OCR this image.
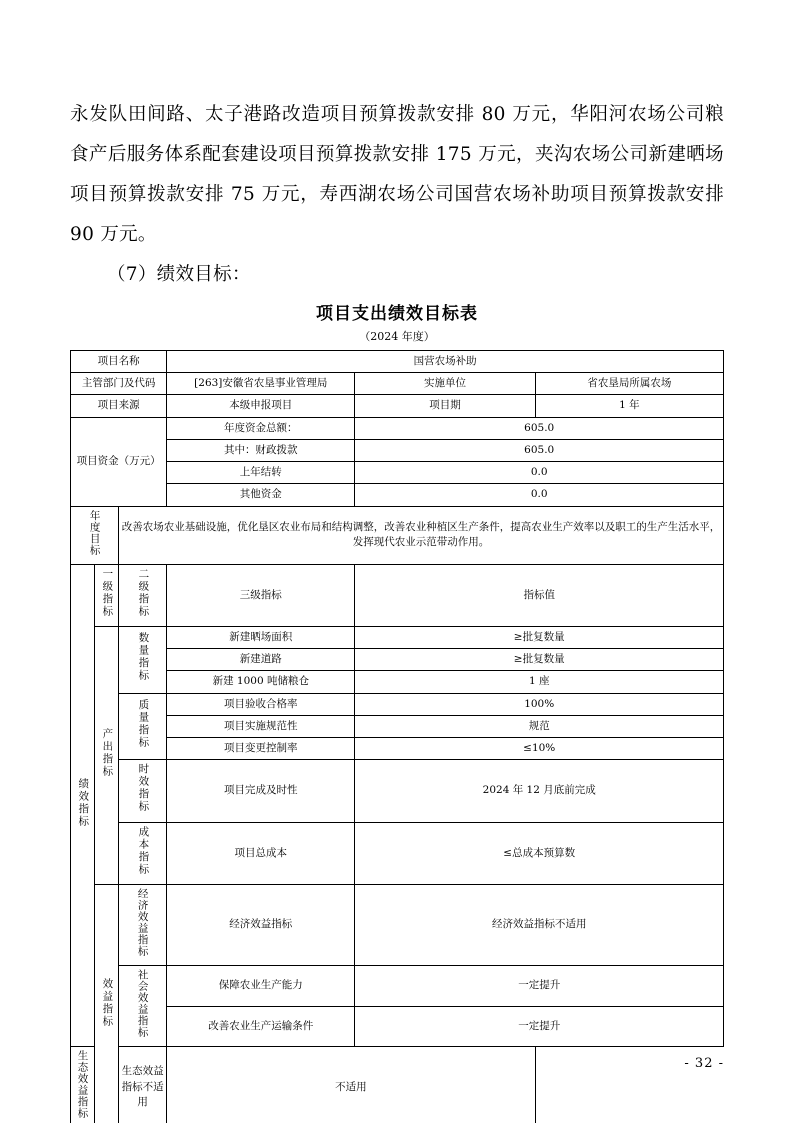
永发队田间路、太子港路改造项目预算拨款安排 80 万元，华阳河农场公司粮食产后服务体系配套建设项目预算拨款安排 175 万元，夹沟农场公司新建晒场项目预算拨款安排 75 万元，寿西湖农场公司国营农场补助项目预算拨款安排 90 万元。

（7）绩效目标：

项目支出绩效目标表
（2024 年度）
项目名称			国营农场补助		
主管部门及代码			[263]安徽省农垦事业管理局	实施单位	省农垦局所属农场
项目来源			本级申报项目	项目期	1 年
项目资金（万元）			年度资金总额：	605.0	
			其中：财政拨款	605.0	
			上年结转	0.0	
			其他资金	0.0	
年度目标		改善农场农业基础设施，优化垦区农业布局和结构调整，改善农业种植区生产条件，提高农业生产效率以及职工的生产生活水平，发挥现代农业示范带动作用。			
绩效指标	一级指标	二级指标	三级指标	指标值	
	产出指标	数量指标	新建晒场面积	≥批复数量	
			新建道路	≥批复数量	
			新建 1000 吨储粮仓	1 座	
		质量指标	项目验收合格率	100%	
			项目实施规范性	规范	
			项目变更控制率	≤10%	
		时效指标	项目完成及时性	2024 年 12 月底前完成	
		成本指标	项目总成本	≤总成本预算数	
	效益指标	经济效益指标	经济效益指标	经济效益指标不适用	
		社会效益指标	保障农业生产能力	一定提升	
			改善农业生产运输条件	一定提升	
生态效益指标		生态效益指标不适用	不适用		
- 32 -
